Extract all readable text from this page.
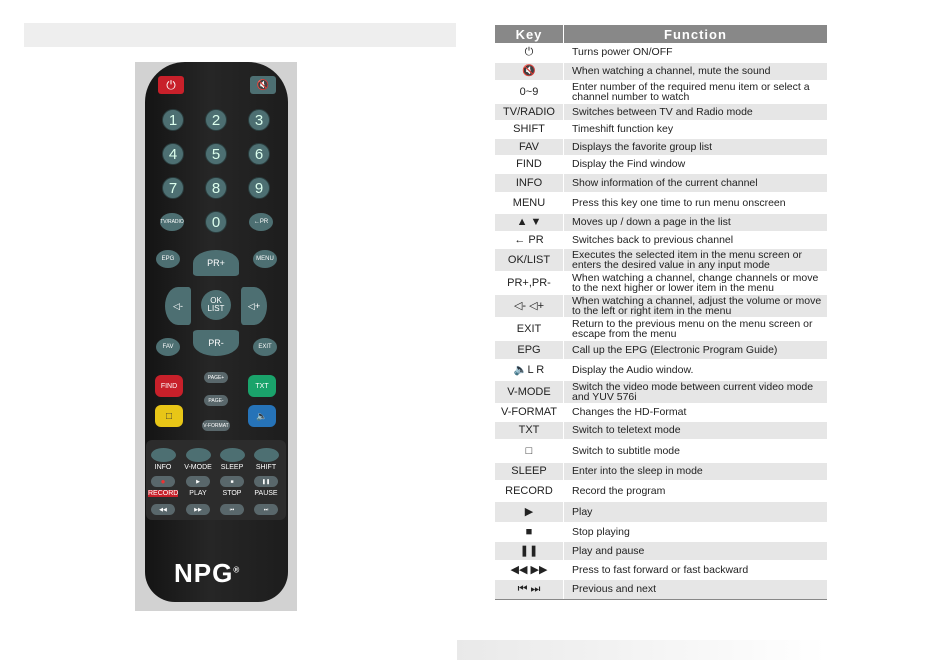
⏻	🔇
1	2	3
4	5	6
7	8	9
TV/RADIO	0	←PR
EPG	MENU
PR+
PR-
◁-	◁+
OK
LIST
FAV	EXIT
FIND
PAGE+
TXT
PAGE-
□
V-FORMAT
🔈
INFO	V-MODE	SLEEP	SHIFT
●	▶	■	❚❚
RECORD	PLAY	STOP	PAUSE
◀◀	▶▶	⏮	⏭
NPG®
Key	Function
⏻	Turns power ON/OFF
🔇	When watching a channel, mute the sound
0~9	Enter number of the required menu item or select a channel number to watch
TV/RADIO	Switches between TV and Radio mode
SHIFT	Timeshift function key
FAV	Displays the favorite group list
FIND	Display the Find window
INFO	Show information of the current channel
MENU	Press this key one time to run menu onscreen
▲ ▼	Moves up / down a page in the list
← PR	Switches back to previous channel
OK/LIST	Executes the selected item in the menu screen or enters the desired value in any input mode
PR+,PR-	When watching a channel, change channels or move to the next higher or lower item in the menu
◁- ◁+	When watching a channel, adjust the volume or move to the left or right item in the menu
EXIT	Return to the previous menu on the menu screen or escape from the menu
EPG	Call up the EPG (Electronic Program Guide)
🔈L R	Display the Audio window.
V-MODE	Switch the video mode between current video mode and YUV 576i
V-FORMAT	Changes the HD-Format
TXT	Switch to teletext mode
□	Switch to subtitle mode
SLEEP	Enter into the sleep in mode
RECORD	Record the program
▶	Play
■	Stop playing
❚❚	Play and pause
◀◀ ▶▶	Press to fast forward or fast backward
⏮ ⏭	Previous and next
